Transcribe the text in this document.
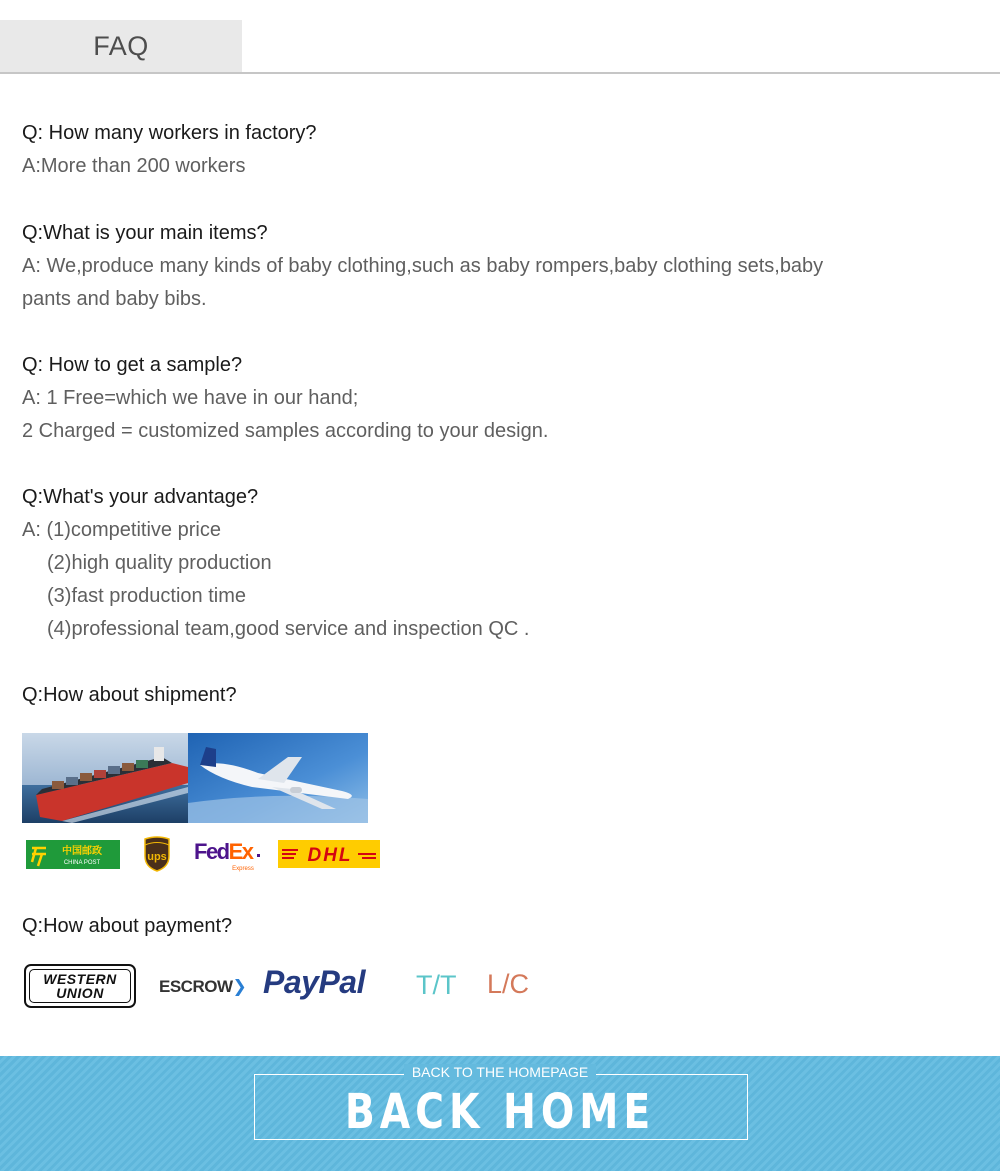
FAQ
Q: How many workers in factory?
A:More than 200 workers
Q:What is your main items?
A: We,produce many kinds of baby clothing,such as baby rompers,baby clothing sets,baby
pants and baby bibs.
Q: How to get a sample?
A: 1 Free=which we have in our hand;
2 Charged = customized samples according to your design.
Q:What's your advantage?
A: (1)competitive price
(2)high quality production
(3)fast production time
(4)professional team,good service and inspection QC .
Q:How about shipment?
中国邮政
CHINA POST	ups FedEx
Express
DHL
Q:How about payment?
WESTERN
UNION	ESCROW❯ PayPal T/T L/C
BACK TO THE HOMEPAGE
BACK HOME
